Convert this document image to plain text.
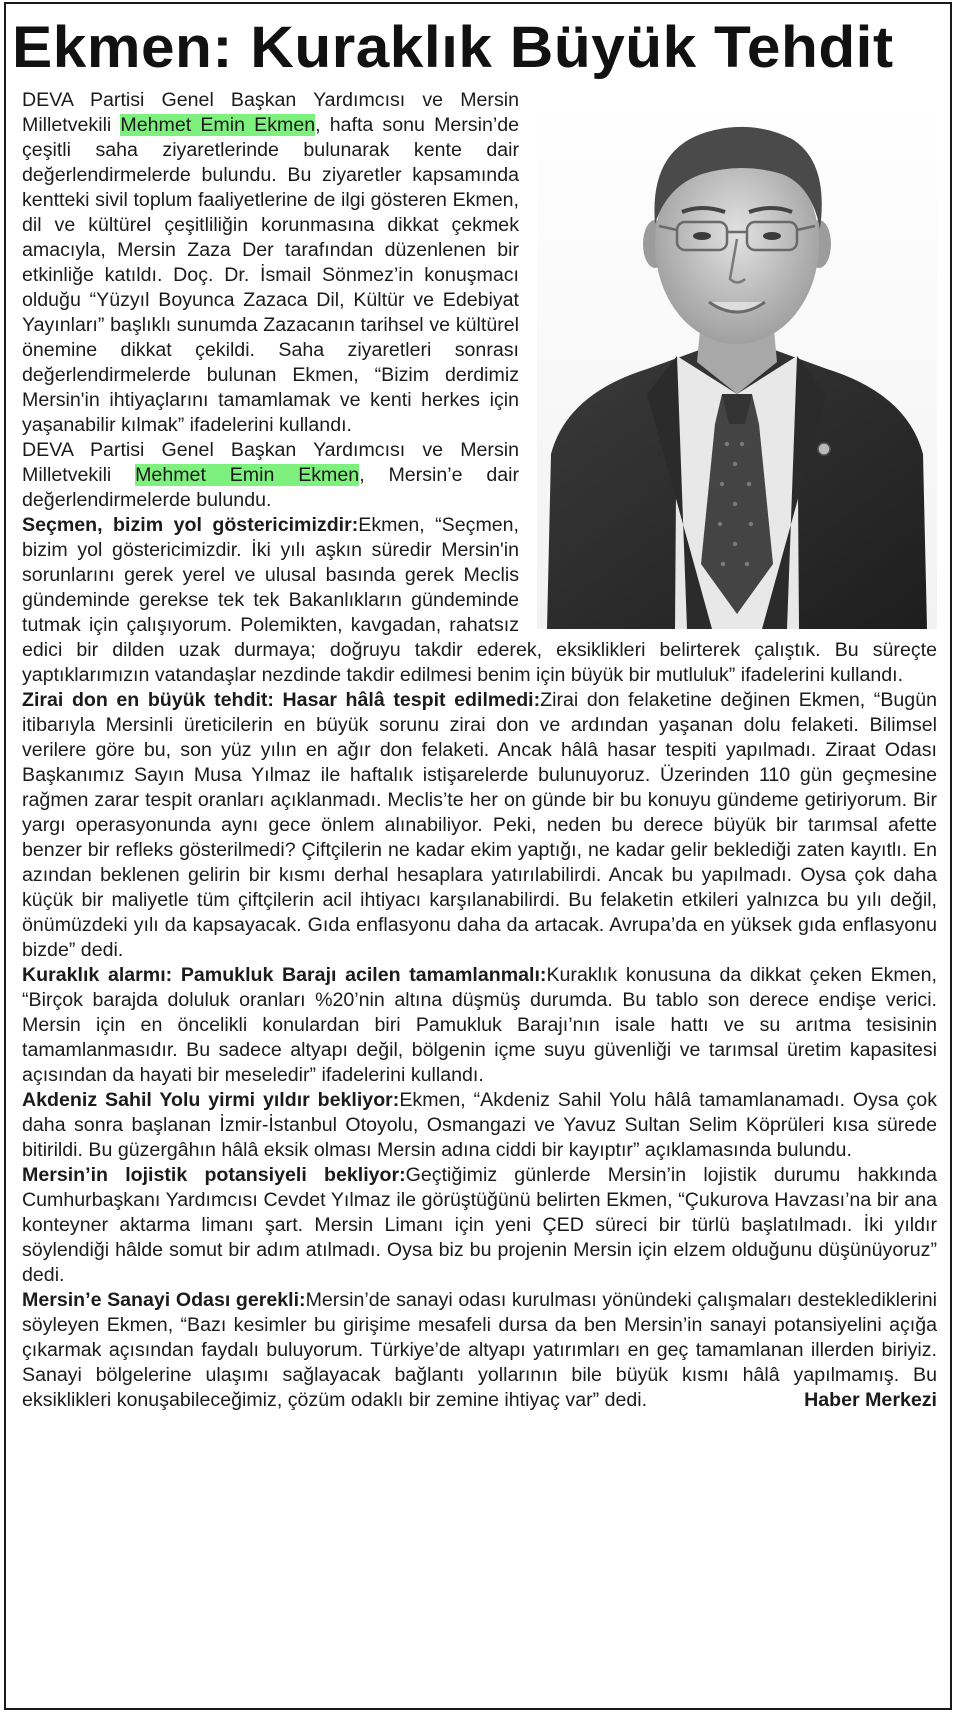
Ekmen: Kuraklık Büyük Tehdit

DEVA Partisi Genel Başkan Yardımcısı ve Mersin Milletvekili Mehmet Emin Ekmen, hafta sonu Mersin’de çeşitli saha ziyaretlerinde bulunarak kente dair değerlendirmelerde bulundu. Bu ziyaretler kapsamında kentteki sivil toplum faaliyetlerine de ilgi gösteren Ekmen, dil ve kültürel çeşitliliğin korunmasına dikkat çekmek amacıyla, Mersin Zaza Der tarafından düzenlenen bir etkinliğe katıldı. Doç. Dr. İsmail Sönmez’in konuşmacı olduğu “Yüzyıl Boyunca Zazaca Dil, Kültür ve Edebiyat Yayınları” başlıklı sunumda Zazacanın tarihsel ve kültürel önemine dikkat çekildi. Saha ziyaretleri sonrası değerlendirmelerde bulunan Ekmen, “Bizim derdimiz Mersin'in ihtiyaçlarını tamamlamak ve kenti herkes için yaşanabilir kılmak” ifadelerini kullandı.

DEVA Partisi Genel Başkan Yardımcısı ve Mersin Milletvekili Mehmet Emin Ekmen, Mersin’e dair değerlendirmelerde bulundu.

Seçmen, bizim yol göstericimizdir:Ekmen, “Seçmen, bizim yol göstericimizdir. İki yılı aşkın süredir Mersin'in sorunlarını gerek yerel ve ulusal basında gerek Meclis gündeminde gerekse tek tek Bakanlıkların gündeminde tutmak için çalışıyorum. Polemikten, kavgadan, rahatsız edici bir dilden uzak durmaya; doğruyu takdir ederek, eksiklikleri belirterek çalıştık. Bu süreçte yaptıklarımızın vatandaşlar nezdinde takdir edilmesi benim için büyük bir mutluluk” ifadelerini kullandı.

Zirai don en büyük tehdit: Hasar hâlâ tespit edilmedi:Zirai don felaketine değinen Ekmen, “Bugün itibarıyla Mersinli üreticilerin en büyük sorunu zirai don ve ardından yaşanan dolu felaketi. Bilimsel verilere göre bu, son yüz yılın en ağır don felaketi. Ancak hâlâ hasar tespiti yapılmadı. Ziraat Odası Başkanımız Sayın Musa Yılmaz ile haftalık istişarelerde bulunuyoruz. Üzerinden 110 gün geçmesine rağmen zarar tespit oranları açıklanmadı. Meclis’te her on günde bir bu konuyu gündeme getiriyorum. Bir yargı operasyonunda aynı gece önlem alınabiliyor. Peki, neden bu derece büyük bir tarımsal afette benzer bir refleks gösterilmedi? Çiftçilerin ne kadar ekim yaptığı, ne kadar gelir beklediği zaten kayıtlı. En azından beklenen gelirin bir kısmı derhal hesaplara yatırılabilirdi. Ancak bu yapılmadı. Oysa çok daha küçük bir maliyetle tüm çiftçilerin acil ihtiyacı karşılanabilirdi. Bu felaketin etkileri yalnızca bu yılı değil, önümüzdeki yılı da kapsayacak. Gıda enflasyonu daha da artacak. Avrupa’da en yüksek gıda enflasyonu bizde” dedi.

Kuraklık alarmı: Pamukluk Barajı acilen tamamlanmalı:Kuraklık konusuna da dikkat çeken Ekmen, “Birçok barajda doluluk oranları %20’nin altına düşmüş durumda. Bu tablo son derece endişe verici. Mersin için en öncelikli konulardan biri Pamukluk Barajı’nın isale hattı ve su arıtma tesisinin tamamlanmasıdır. Bu sadece altyapı değil, bölgenin içme suyu güvenliği ve tarımsal üretim kapasitesi açısından da hayati bir meseledir” ifadelerini kullandı.

Akdeniz Sahil Yolu yirmi yıldır bekliyor:Ekmen, “Akdeniz Sahil Yolu hâlâ tamamlanamadı. Oysa çok daha sonra başlanan İzmir-İstanbul Otoyolu, Osmangazi ve Yavuz Sultan Selim Köprüleri kısa sürede bitirildi. Bu güzergâhın hâlâ eksik olması Mersin adına ciddi bir kayıptır” açıklamasında bulundu.

Mersin’in lojistik potansiyeli bekliyor:Geçtiğimiz günlerde Mersin’in lojistik durumu hakkında Cumhurbaşkanı Yardımcısı Cevdet Yılmaz ile görüştüğünü belirten Ekmen, “Çukurova Havzası’na bir ana konteyner aktarma limanı şart. Mersin Limanı için yeni ÇED süreci bir türlü başlatılmadı. İki yıldır söylendiği hâlde somut bir adım atılmadı. Oysa biz bu projenin Mersin için elzem olduğunu düşünüyoruz” dedi.

Mersin’e Sanayi Odası gerekli:Mersin’de sanayi odası kurulması yönündeki çalışmaları desteklediklerini söyleyen Ekmen, “Bazı kesimler bu girişime mesafeli dursa da ben Mersin’in sanayi potansiyelini açığa çıkarmak açısından faydalı buluyorum. Türkiye’de altyapı yatırımları en geç tamamlanan illerden biriyiz. Sanayi bölgelerine ulaşımı sağlayacak bağlantı yollarının bile büyük kısmı hâlâ yapılmamış. Bu eksiklikleri konuşabileceğimiz, çözüm odaklı bir zemine ihtiyaç var” dedi.	Haber Merkezi
